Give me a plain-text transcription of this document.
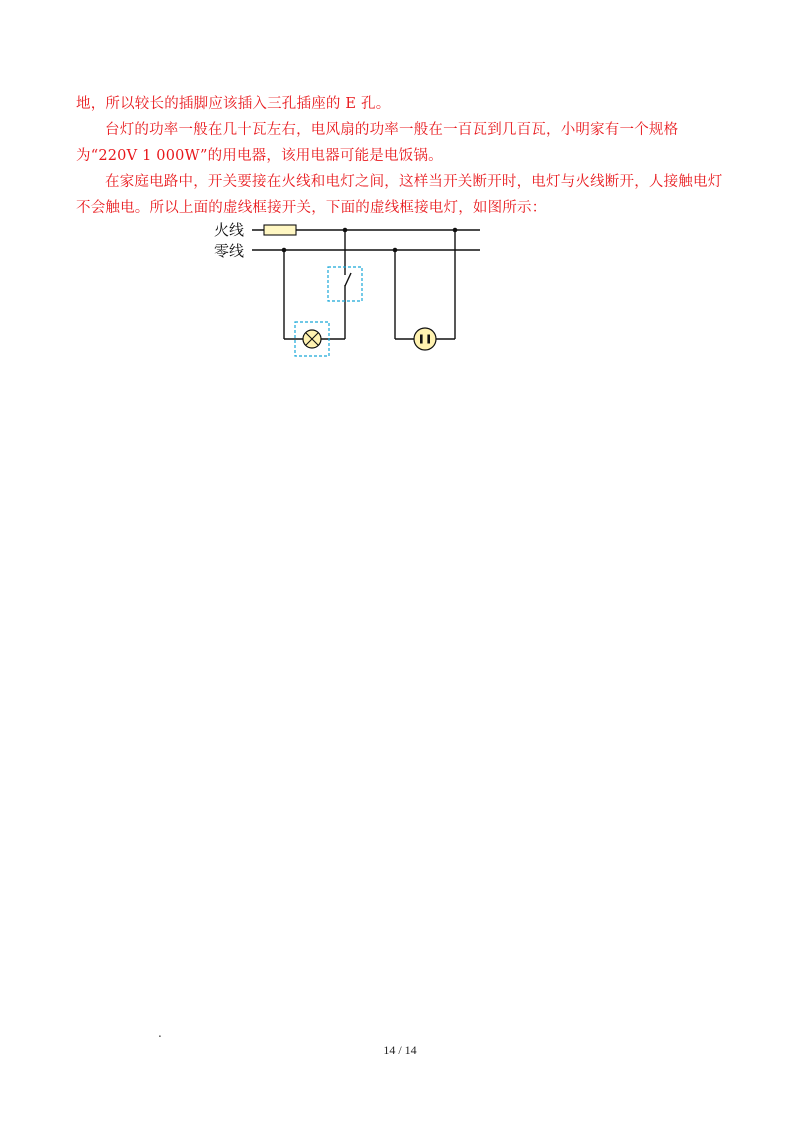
地，所以较长的插脚应该插入三孔插座的 E 孔。

台灯的功率一般在几十瓦左右，电风扇的功率一般在一百瓦到几百瓦，小明家有一个规格为“220V 1 000W”的用电器，该用电器可能是电饭锅。

在家庭电路中，开关要接在火线和电灯之间，这样当开关断开时，电灯与火线断开，人接触电灯不会触电。所以上面的虚线框接开关，下面的虚线框接电灯，如图所示：

火线
零线
.
14 / 14
